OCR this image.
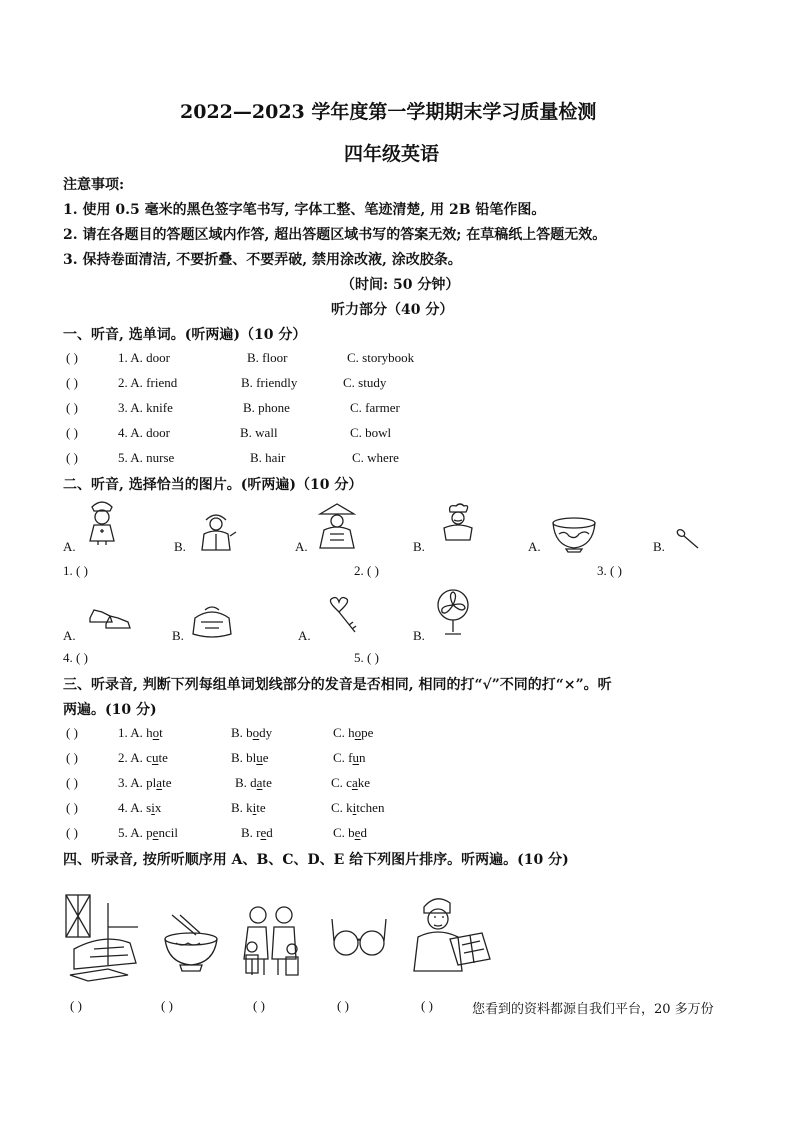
2022—2023 学年度第一学期期末学习质量检测
四年级英语
注意事项:
1. 使用 0.5 毫米的黑色签字笔书写, 字体工整、笔迹清楚, 用 2B 铅笔作图。
2. 请在各题目的答题区域内作答, 超出答题区域书写的答案无效; 在草稿纸上答题无效。
3. 保持卷面清洁, 不要折叠、不要弄破, 禁用涂改液, 涂改胶条。
（时间: 50 分钟）
听力部分（40 分）
一、听音, 选单词。(听两遍)（10 分）
( )	1. A. door	B. floor	C. storybook
( )	2. A. friend	B. friendly	C. study
( )	3. A. knife	B. phone	C. farmer
( )	4. A. door	B. wall	C. bowl
( )	5. A. nurse	B. hair	C. where
二、听音, 选择恰当的图片。(听两遍)（10 分）
A.	B.	A.	B.	A.	B.
1. ( )	2. ( )	3. ( )
A.	B.	A.	B.
4. ( )	5. ( )
三、听录音, 判断下列每组单词划线部分的发音是否相同, 相同的打“√”不同的打“×”。听
两遍。(10 分)
( )	1. A. hot	B. body	C. hope
( )	2. A. cute	B. blue	C. fun
( )	3. A. plate	B. date	C. cake
( )	4. A. six	B. kite	C. kitchen
( )	5. A. pencil	B. red	C. bed
四、听录音, 按所听顺序用 A、B、C、D、E 给下列图片排序。听两遍。(10 分)
( )	( )	( )	( )	( )	您看到的资料都源自我们平台，20 多万份
